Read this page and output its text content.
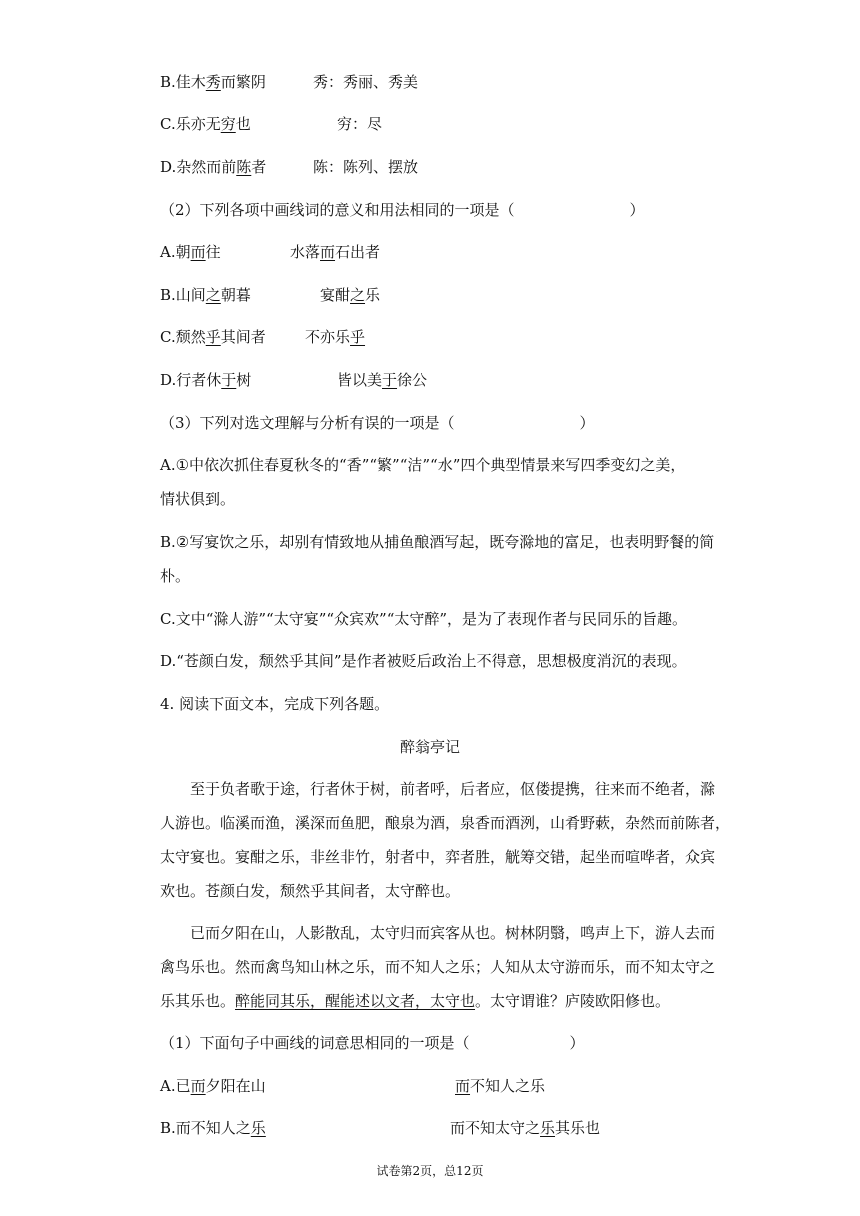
B.佳木秀而繁阴	秀：秀丽、秀美
C.乐亦无穷也	穷：尽
D.杂然而前陈者	陈：陈列、摆放
（2）下列各项中画线词的意义和用法相同的一项是（	）
A.朝而往	水落而石出者
B.山间之朝暮	宴酣之乐
C.颓然乎其间者	不亦乐乎
D.行者休于树	皆以美于徐公
（3）下列对选文理解与分析有误的一项是（	）
A.①中依次抓住春夏秋冬的“香”“繁”“洁”“水”四个典型情景来写四季变幻之美，
情状俱到。
B.②写宴饮之乐，却别有情致地从捕鱼酿酒写起，既夸滁地的富足，也表明野餐的简
朴。
C.文中“滁人游”“太守宴”“众宾欢”“太守醉”，是为了表现作者与民同乐的旨趣。
D.“苍颜白发，颓然乎其间”是作者被贬后政治上不得意，思想极度消沉的表现。
4. 阅读下面文本，完成下列各题。
醉翁亭记
至于负者歌于途，行者休于树，前者呼，后者应，伛偻提携，往来而不绝者，滁
人游也。临溪而渔，溪深而鱼肥，酿泉为酒，泉香而酒洌，山肴野蔌，杂然而前陈者，
太守宴也。宴酣之乐，非丝非竹，射者中，弈者胜，觥筹交错，起坐而喧哗者，众宾
欢也。苍颜白发，颓然乎其间者，太守醉也。
已而夕阳在山，人影散乱，太守归而宾客从也。树林阴翳，鸣声上下，游人去而
禽鸟乐也。然而禽鸟知山林之乐，而不知人之乐；人知从太守游而乐，而不知太守之
乐其乐也。醉能同其乐，醒能述以文者，太守也。太守谓谁？庐陵欧阳修也。
（1）下面句子中画线的词意思相同的一项是（	）
A.已而夕阳在山	而不知人之乐
B.而不知人之乐	而不知太守之乐其乐也
试卷第2页，总12页
